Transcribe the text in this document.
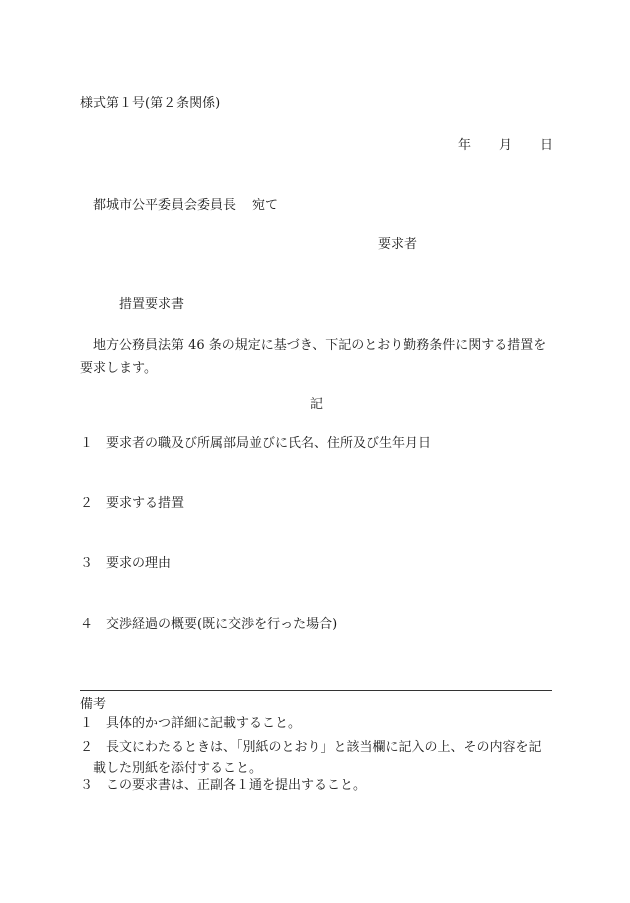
様式第１号(第２条関係)
年 月 日
都城市公平委員会委員長 宛て
要求者
措置要求書
地方公務員法第 46 条の規定に基づき、下記のとおり勤務条件に関する措置を要求します。
記
１ 要求者の職及び所属部局並びに氏名、住所及び生年月日
２ 要求する措置
３ 要求の理由
４ 交渉経過の概要(既に交渉を行った場合)
備考
１ 具体的かつ詳細に記載すること。
２ 長文にわたるときは、「別紙のとおり」と該当欄に記入の上、その内容を記
載した別紙を添付すること。
３ この要求書は、正副各１通を提出すること。
